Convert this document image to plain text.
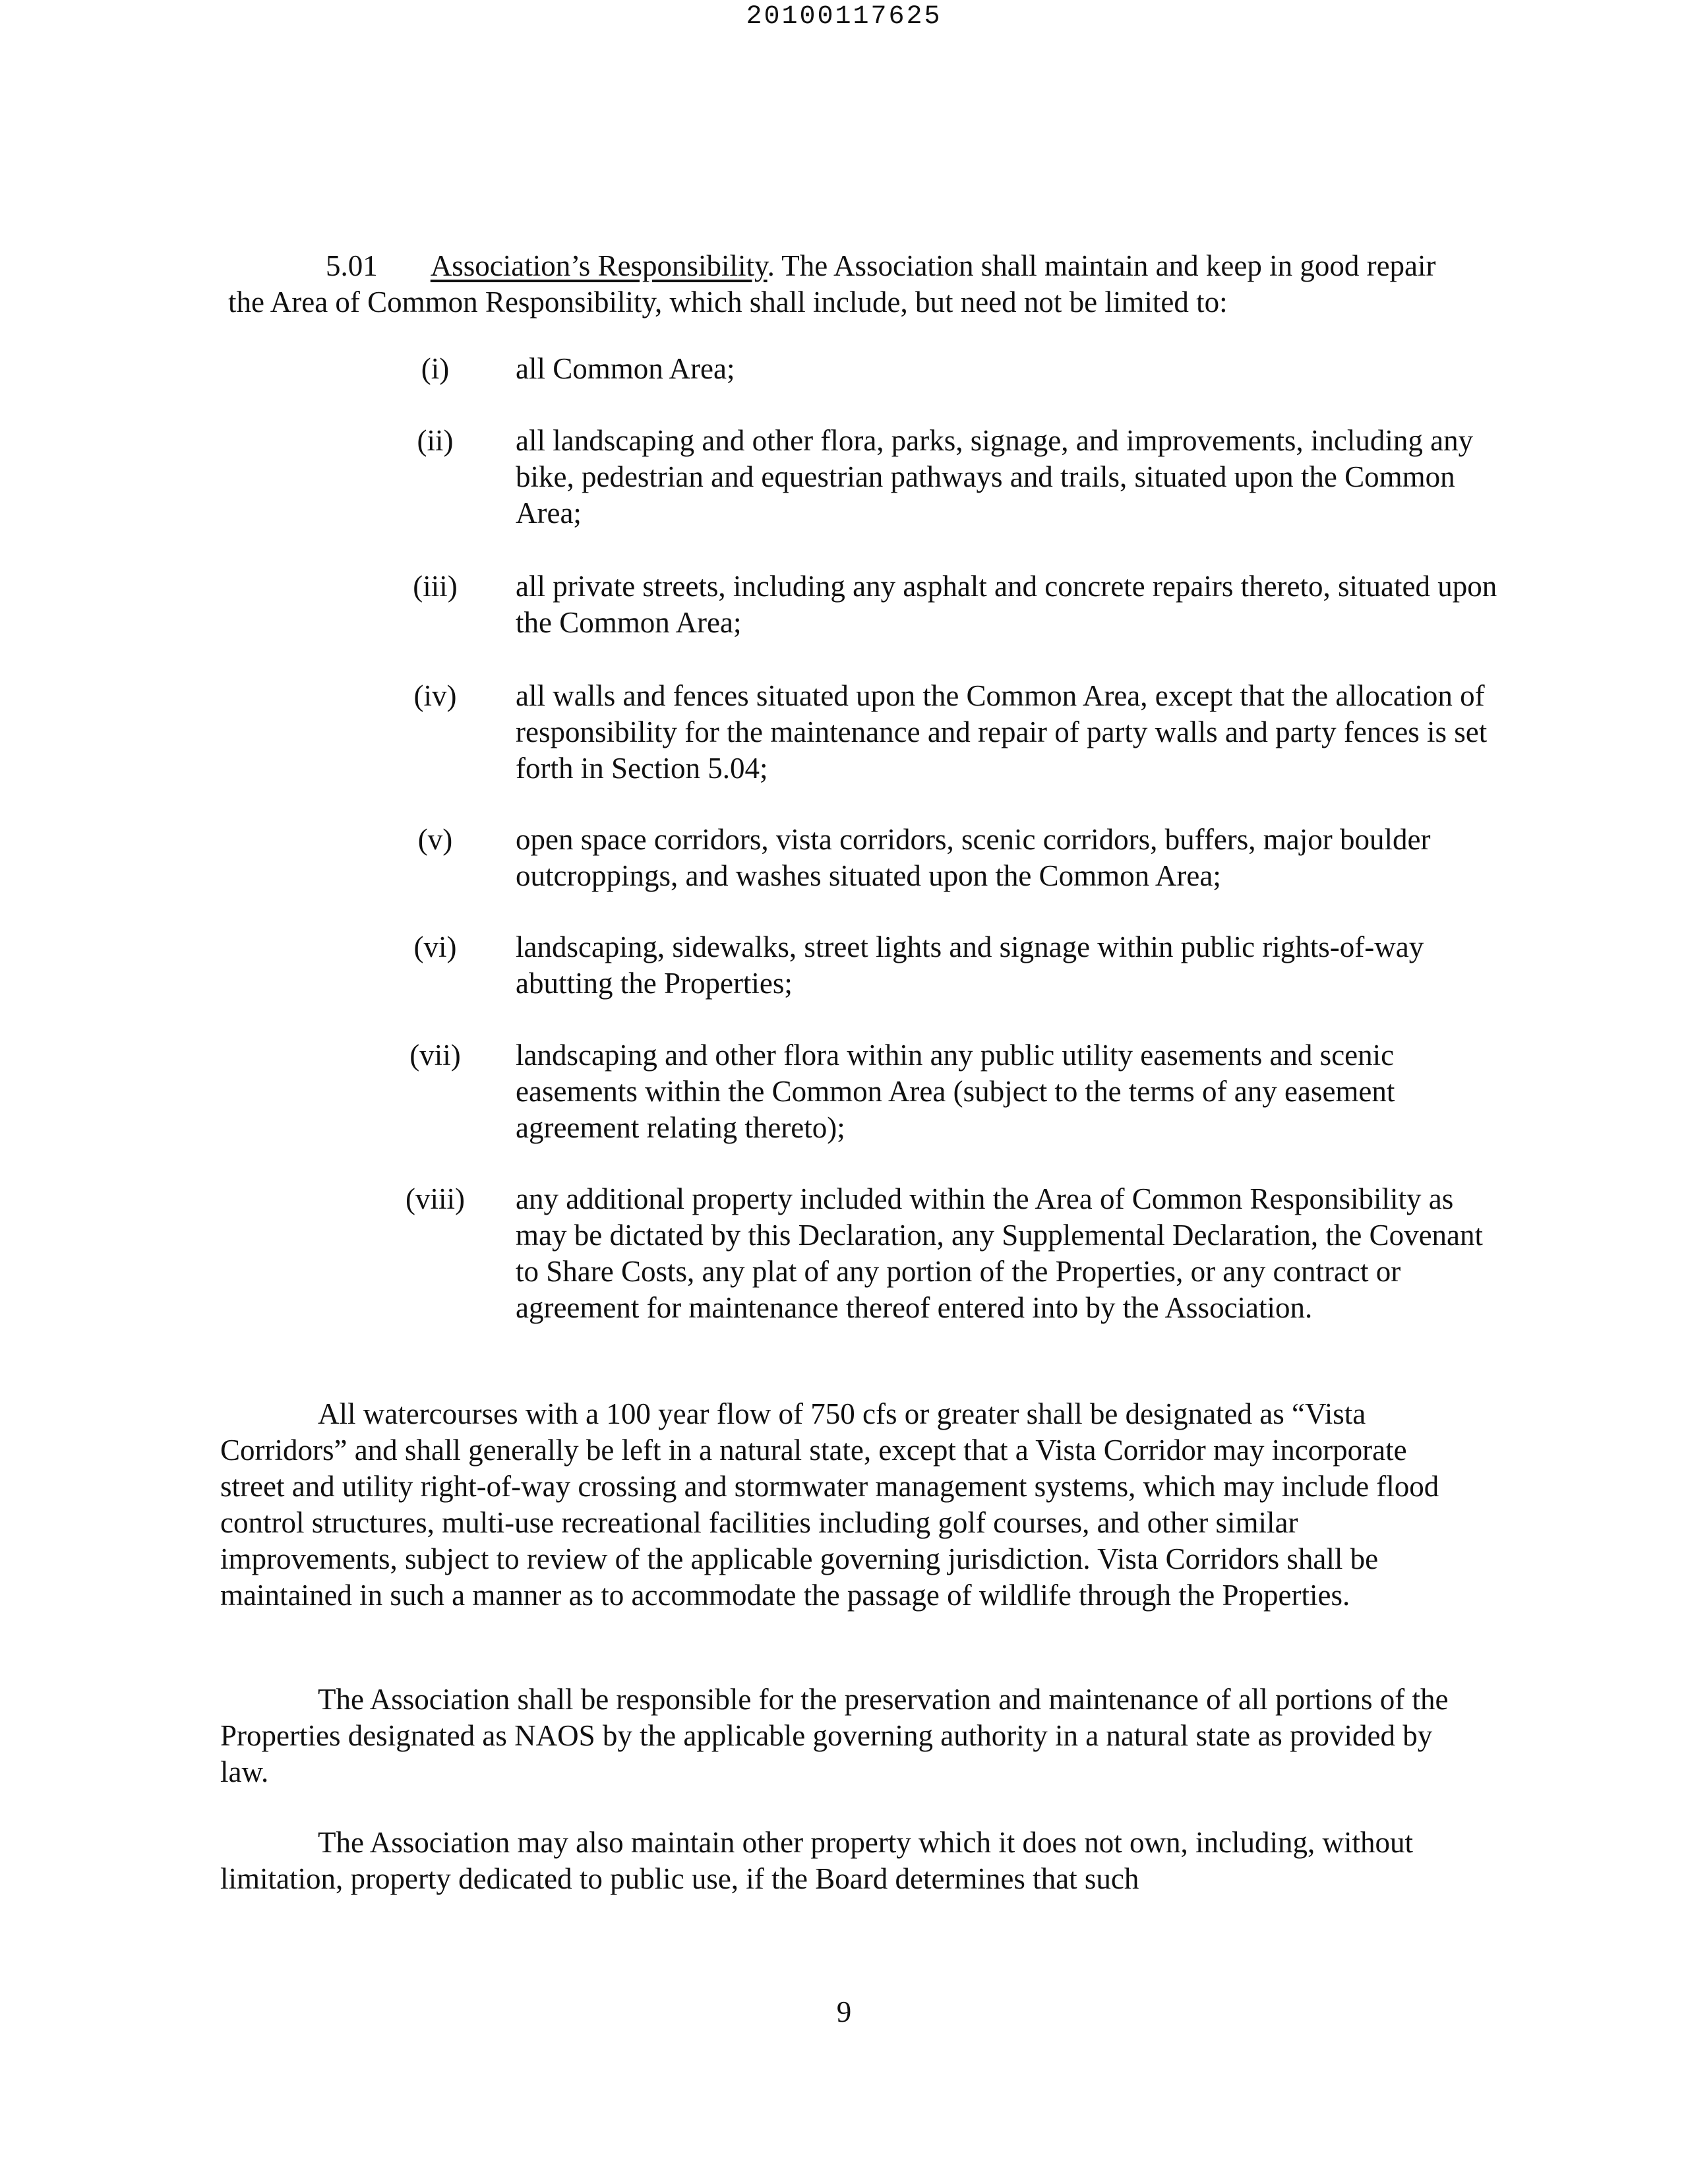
20100117625

5.01 Association’s Responsibility. The Association shall maintain and keep in good repair the Area of Common Responsibility, which shall include, but need not be limited to:

(i)	all Common Area;
(ii)	all landscaping and other flora, parks, signage, and improvements, including any bike, pedestrian and equestrian pathways and trails, situated upon the Common Area;
(iii)	all private streets, including any asphalt and concrete repairs thereto, situated upon the Common Area;
(iv)	all walls and fences situated upon the Common Area, except that the allocation of responsibility for the maintenance and repair of party walls and party fences is set forth in Section 5.04;
(v)	open space corridors, vista corridors, scenic corridors, buffers, major boulder outcroppings, and washes situated upon the Common Area;
(vi)	landscaping, sidewalks, street lights and signage within public rights-of-way abutting the Properties;
(vii)	landscaping and other flora within any public utility easements and scenic easements within the Common Area (subject to the terms of any easement agreement relating thereto);
(viii)	any additional property included within the Area of Common Responsibility as may be dictated by this Declaration, any Supplemental Declaration, the Covenant to Share Costs, any plat of any portion of the Properties, or any contract or agreement for maintenance thereof entered into by the Association.

All watercourses with a 100 year flow of 750 cfs or greater shall be designated as “Vista Corridors” and shall generally be left in a natural state, except that a Vista Corridor may incorporate street and utility right-of-way crossing and stormwater management systems, which may include flood control structures, multi-use recreational facilities including golf courses, and other similar improvements, subject to review of the applicable governing jurisdiction. Vista Corridors shall be maintained in such a manner as to accommodate the passage of wildlife through the Properties.

The Association shall be responsible for the preservation and maintenance of all portions of the Properties designated as NAOS by the applicable governing authority in a natural state as provided by law.

The Association may also maintain other property which it does not own, including, without limitation, property dedicated to public use, if the Board determines that such

9
